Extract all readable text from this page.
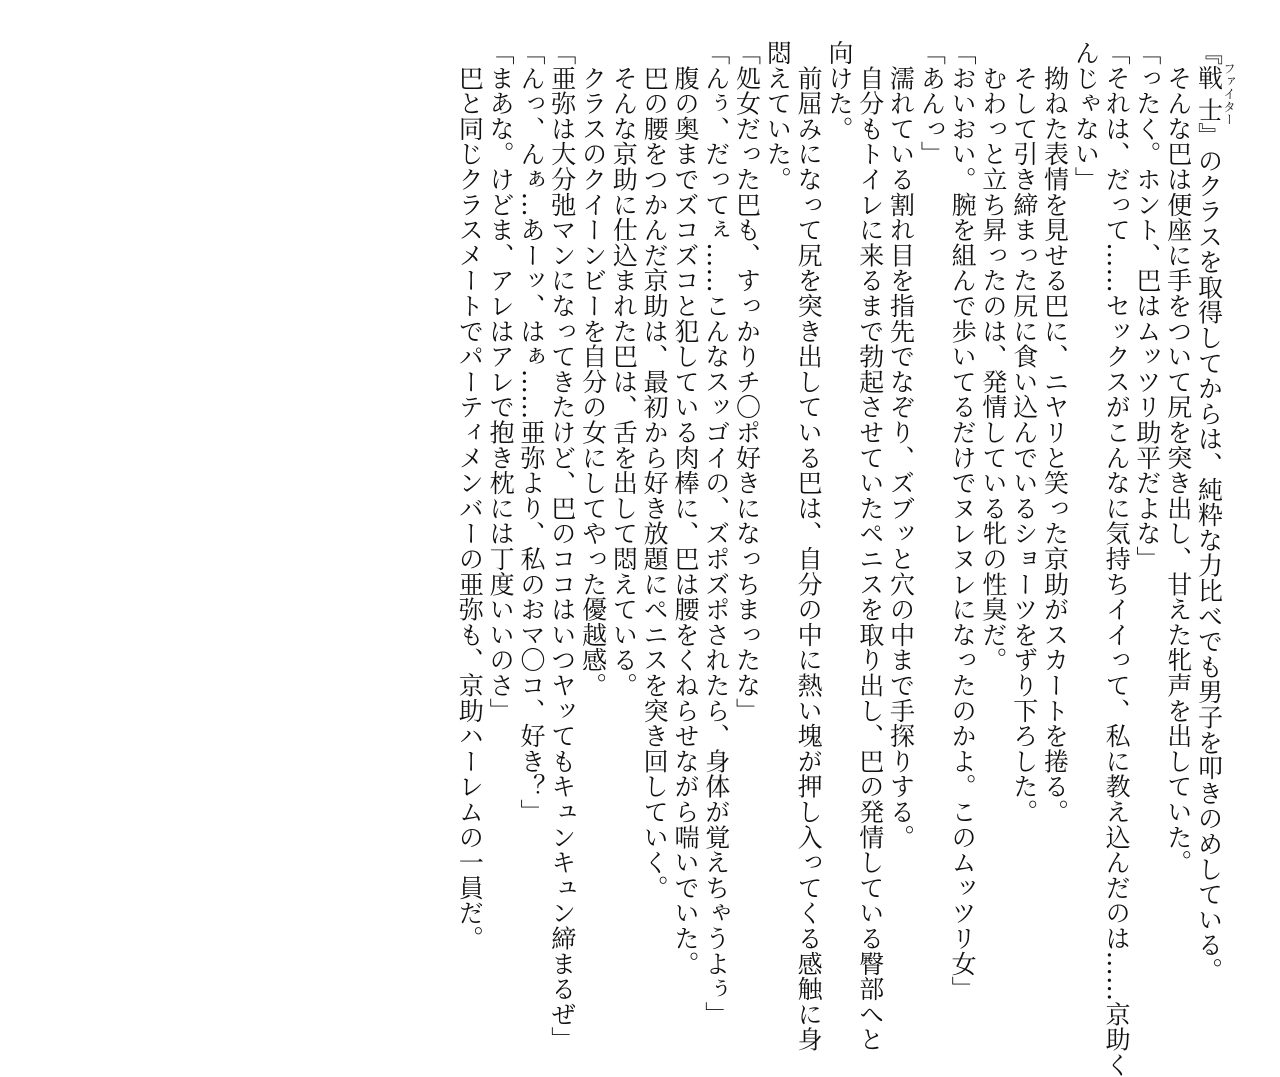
『戦士ファイター』のクラスを取得してからは、純粋な力比べでも男子を叩きのめしている。

　そんな巴は便座に手をついて尻を突き出し、甘えた牝声を出していた。

「ったく。ホント、巴はムッツリ助平だよな」

「それは、だって……セックスがこんなに気持ちイイって、私に教え込んだのは……京助く

んじゃない」

　拗ねた表情を見せる巴に、ニヤリと笑った京助がスカートを捲る。

　そして引き締まった尻に食い込んでいるショーツをずり下ろした。

　むわっと立ち昇ったのは、発情している牝の性臭だ。

「おいおい。腕を組んで歩いてるだけでヌレヌレになったのかよ。このムッツリ女」

「あんっ」

　濡れている割れ目を指先でなぞり、ズブッと穴の中まで手探りする。

　自分もトイレに来るまで勃起させていたペニスを取り出し、巴の発情している臀部へと

向けた。

　前屈みになって尻を突き出している巴は、自分の中に熱い塊が押し入ってくる感触に身

悶えていた。

「処女だった巴も、すっかりチ〇ポ好きになっちまったな」

「んぅ、だってぇ……こんなスッゴイの、ズポズポされたら、身体が覚えちゃうよぅ」

　腹の奥までズコズコと犯している肉棒に、巴は腰をくねらせながら喘いでいた。

　巴の腰をつかんだ京助は、最初から好き放題にペニスを突き回していく。

　そんな京助に仕込まれた巴は、舌を出して悶えている。

　クラスのクイーンビーを自分の女にしてやった優越感。

「亜弥は大分弛マンになってきたけど、巴のココはいつヤッてもキュンキュン締まるぜ」

「んっ、んぁ…あーッ、はぁ……亜弥より、私のおマ〇コ、好き？」

「まあな。けどま、アレはアレで抱き枕には丁度いいのさ」

　巴と同じクラスメートでパーティメンバーの亜弥も、京助ハーレムの一員だ。
